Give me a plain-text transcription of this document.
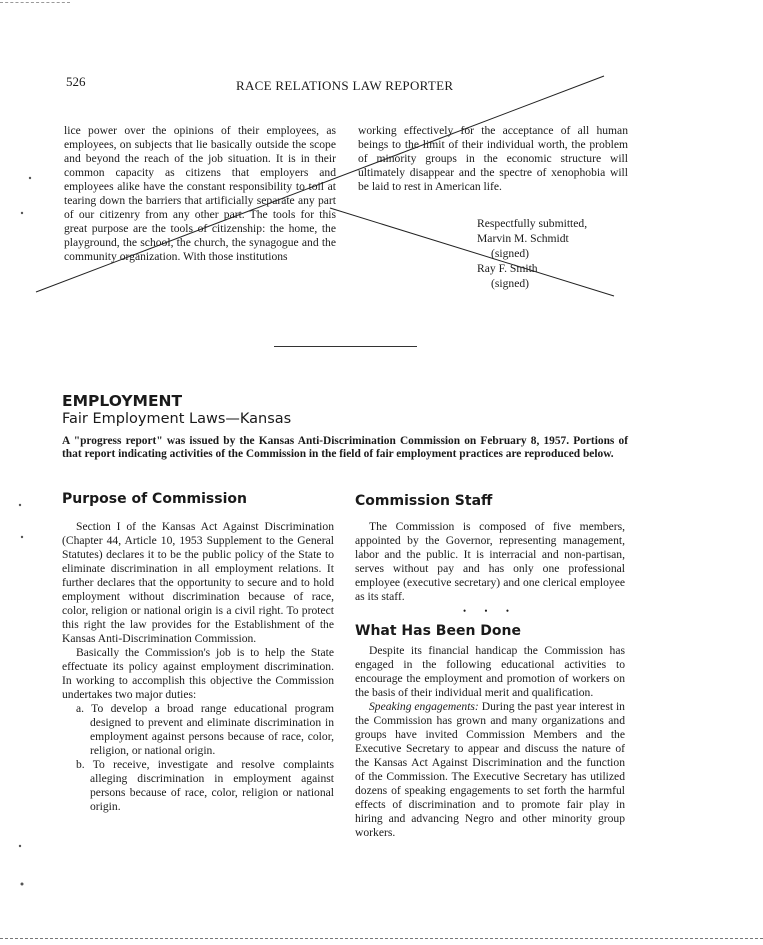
526	RACE RELATIONS LAW REPORTER

lice power over the opinions of their employees, as employees, on subjects that lie basically outside the scope and beyond the reach of the job situation. It is in their common capacity as citizens that employers and employees alike have the constant responsibility to toil at tearing down the barriers that artificially separate any part of our citizenry from any other part. The tools for this great purpose are the tools of citizenship: the home, the playground, the school, the church, the synagogue and the community organization. With those institutions

working effectively for the acceptance of all human beings to the limit of their individual worth, the problem of minority groups in the economic structure will ultimately disappear and the spectre of xenophobia will be laid to rest in American life.

Respectfully submitted,
Marvin M. Schmidt
(signed)
Ray F. Smith
(signed)
EMPLOYMENT
Fair Employment Laws—Kansas
A "progress report" was issued by the Kansas Anti-Discrimination Commission on February 8, 1957. Portions of that report indicating activities of the Commission in the field of fair employment practices are reproduced below.
Purpose of Commission

Section I of the Kansas Act Against Discrimination (Chapter 44, Article 10, 1953 Supplement to the General Statutes) declares it to be the public policy of the State to eliminate discrimination in all employment relations. It further declares that the opportunity to secure and to hold employment without discrimination because of race, color, religion or national origin is a civil right. To protect this right the law provides for the Establishment of the Kansas Anti-Discrimination Commission.

Basically the Commission's job is to help the State effectuate its policy against employment discrimination. In working to accomplish this objective the Commission undertakes two major duties:

a. To develop a broad range educational program designed to prevent and eliminate discrimination in employment against persons because of race, color, religion, or national origin.

b. To receive, investigate and resolve complaints alleging discrimination in employment against persons because of race, color, religion or national origin.

Commission Staff

The Commission is composed of five members, appointed by the Governor, representing management, labor and the public. It is interracial and non-partisan, serves without pay and has only one professional employee (executive secretary) and one clerical employee as its staff.

• • •
What Has Been Done

Despite its financial handicap the Commission has engaged in the following educational activities to encourage the employment and promotion of workers on the basis of their individual merit and qualification.

Speaking engagements: During the past year interest in the Commission has grown and many organizations and groups have invited Commission Members and the Executive Secretary to appear and discuss the nature of the Kansas Act Against Discrimination and the function of the Commission. The Executive Secretary has utilized dozens of speaking engagements to set forth the harmful effects of discrimination and to promote fair play in hiring and advancing Negro and other minority group workers.
